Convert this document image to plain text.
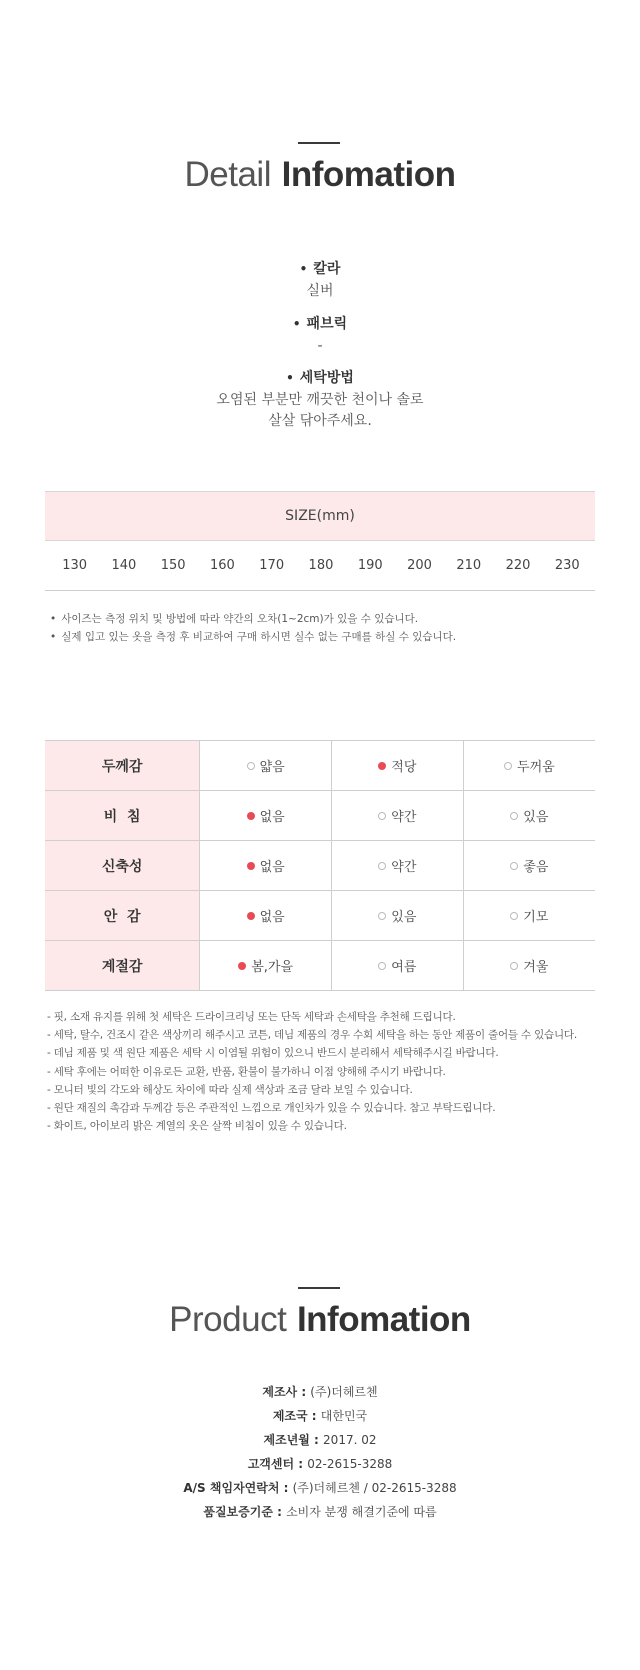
Detail Infomation
• 칼라
실버
• 패브릭
-
• 세탁방법
오염된 부분만 깨끗한 천이나 솔로
살살 닦아주세요.
SIZE(mm)
130	140	150	160	170	180	190	200	210	220	230
• 사이즈는 측정 위치 및 방법에 따라 약간의 오차(1~2cm)가 있을 수 있습니다.
• 실제 입고 있는 옷을 측정 후 비교하여 구매 하시면 실수 없는 구매를 하실 수 있습니다.
두께감	얇음	적당	두꺼움
비  침	없음	약간	있음
신축성	없음	약간	좋음
안  감	없음	있음	기모
계절감	봄,가을	여름	겨울
- 핏, 소재 유지를 위해 첫 세탁은 드라이크리닝 또는 단독 세탁과 손세탁을 추천해 드립니다.
- 세탁, 탈수, 건조시 같은 색상끼리 해주시고 코튼, 데님 제품의 경우 수회 세탁을 하는 동안 제품이 줄어들 수 있습니다.
- 데님 제품 및 색 원단 제품은 세탁 시 이염될 위험이 있으니 반드시 분리해서 세탁해주시길 바랍니다.
- 세탁 후에는 어떠한 이유로든 교환, 반품, 환불이 불가하니 이점 양해해 주시기 바랍니다.
- 모니터 빛의 각도와 해상도 차이에 따라 실제 색상과 조금 달라 보일 수 있습니다.
- 원단 재질의 촉감과 두께감 등은 주관적인 느낌으로 개인차가 있을 수 있습니다. 참고 부탁드립니다.
- 화이트, 아이보리 밝은 계열의 옷은 살짝 비침이 있을 수 있습니다.
Product Infomation
제조사 : (주)더헤르첸
제조국 : 대한민국
제조년월 : 2017. 02
고객센터 : 02-2615-3288
A/S 책임자연락처 : (주)더헤르첸 / 02-2615-3288
품질보증기준 : 소비자 분쟁 해결기준에 따름
